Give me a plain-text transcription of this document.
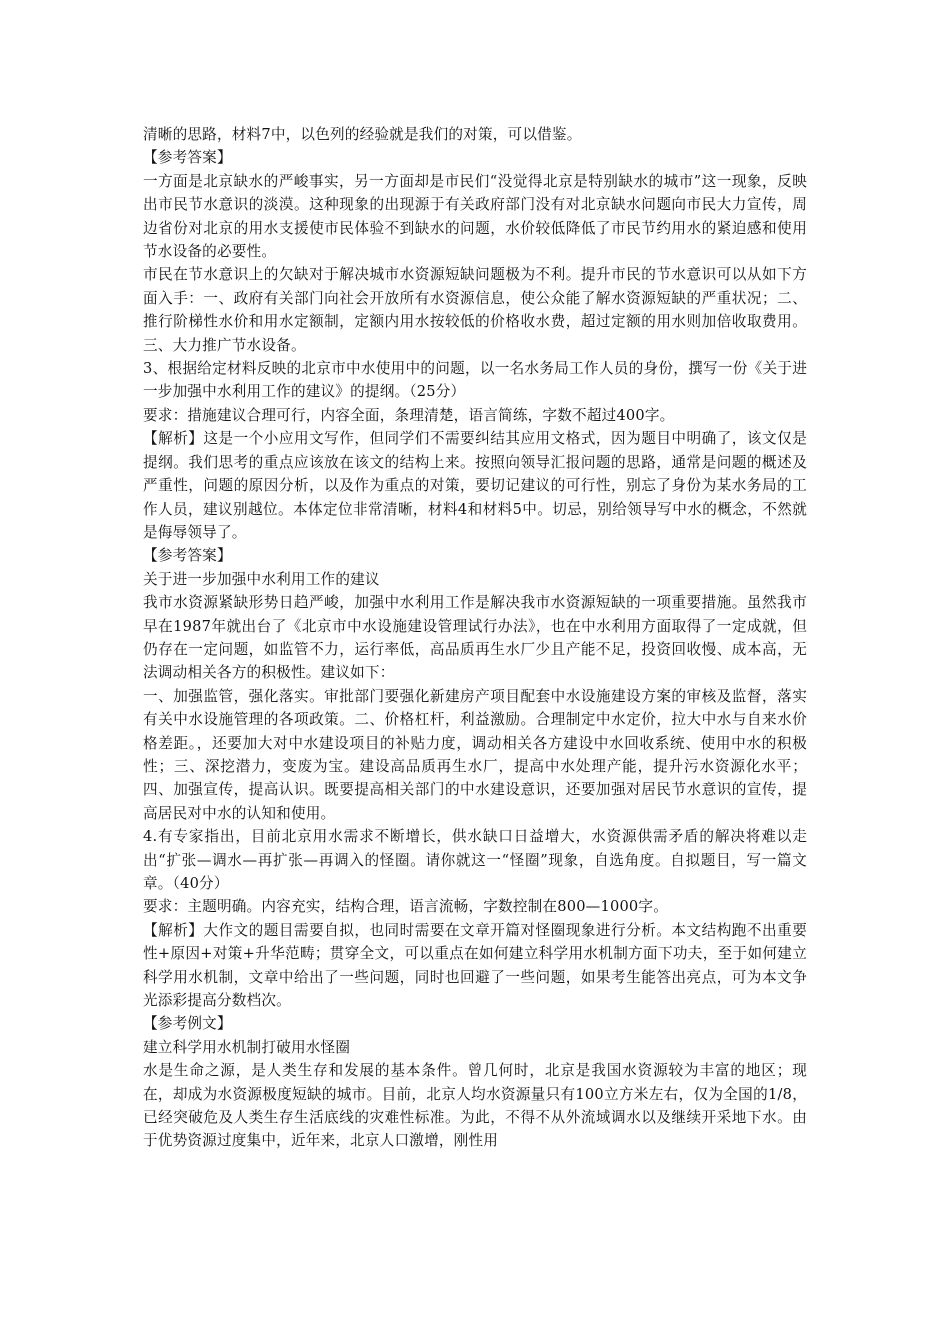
清晰的思路，材料7中，以色列的经验就是我们的对策，可以借鉴。

【参考答案】

一方面是北京缺水的严峻事实，另一方面却是市民们“没觉得北京是特别缺水的城市”这一现象，反映出市民节水意识的淡漠。这种现象的出现源于有关政府部门没有对北京缺水问题向市民大力宣传，周边省份对北京的用水支援使市民体验不到缺水的问题，水价较低降低了市民节约用水的紧迫感和使用节水设备的必要性。

市民在节水意识上的欠缺对于解决城市水资源短缺问题极为不利。提升市民的节水意识可以从如下方面入手：一、政府有关部门向社会开放所有水资源信息，使公众能了解水资源短缺的严重状况；二、推行阶梯性水价和用水定额制，定额内用水按较低的价格收水费，超过定额的用水则加倍收取费用。三、大力推广节水设备。

3、根据给定材料反映的北京市中水使用中的问题，以一名水务局工作人员的身份，撰写一份《关于进一步加强中水利用工作的建议》的提纲。（25分）

要求：措施建议合理可行，内容全面，条理清楚，语言简练，字数不超过400字。

【解析】这是一个小应用文写作，但同学们不需要纠结其应用文格式，因为题目中明确了，该文仅是提纲。我们思考的重点应该放在该文的结构上来。按照向领导汇报问题的思路，通常是问题的概述及严重性，问题的原因分析，以及作为重点的对策，要切记建议的可行性，别忘了身份为某水务局的工作人员，建议别越位。本体定位非常清晰，材料4和材料5中。切忌，别给领导写中水的概念，不然就是侮辱领导了。

【参考答案】

关于进一步加强中水利用工作的建议

我市水资源紧缺形势日趋严峻，加强中水利用工作是解决我市水资源短缺的一项重要措施。虽然我市早在1987年就出台了《北京市中水设施建设管理试行办法》，也在中水利用方面取得了一定成就，但仍存在一定问题，如监管不力，运行率低，高品质再生水厂少且产能不足，投资回收慢、成本高，无法调动相关各方的积极性。建议如下：

一、加强监管，强化落实。审批部门要强化新建房产项目配套中水设施建设方案的审核及监督，落实有关中水设施管理的各项政策。二、价格杠杆，利益激励。合理制定中水定价，拉大中水与自来水价格差距。，还要加大对中水建设项目的补贴力度，调动相关各方建设中水回收系统、使用中水的积极性；三、深挖潜力，变废为宝。建设高品质再生水厂，提高中水处理产能，提升污水资源化水平；四、加强宣传，提高认识。既要提高相关部门的中水建设意识，还要加强对居民节水意识的宣传，提高居民对中水的认知和使用。

4.有专家指出，目前北京用水需求不断增长，供水缺口日益增大，水资源供需矛盾的解决将难以走出“扩张—调水—再扩张—再调入的怪圈。请你就这一“怪圈”现象，自选角度。自拟题目，写一篇文章。（40分）

要求：主题明确。内容充实，结构合理，语言流畅，字数控制在800—1000字。

【解析】大作文的题目需要自拟，也同时需要在文章开篇对怪圈现象进行分析。本文结构跑不出重要性+原因+对策+升华范畴；贯穿全文，可以重点在如何建立科学用水机制方面下功夫，至于如何建立科学用水机制，文章中给出了一些问题，同时也回避了一些问题，如果考生能答出亮点，可为本文争光添彩提高分数档次。

【参考例文】

建立科学用水机制打破用水怪圈

水是生命之源，是人类生存和发展的基本条件。曾几何时，北京是我国水资源较为丰富的地区；现在，却成为水资源极度短缺的城市。目前，北京人均水资源量只有100立方米左右，仅为全国的1/8，已经突破危及人类生存生活底线的灾难性标准。为此，不得不从外流域调水以及继续开采地下水。由于优势资源过度集中，近年来，北京人口激增，刚性用
